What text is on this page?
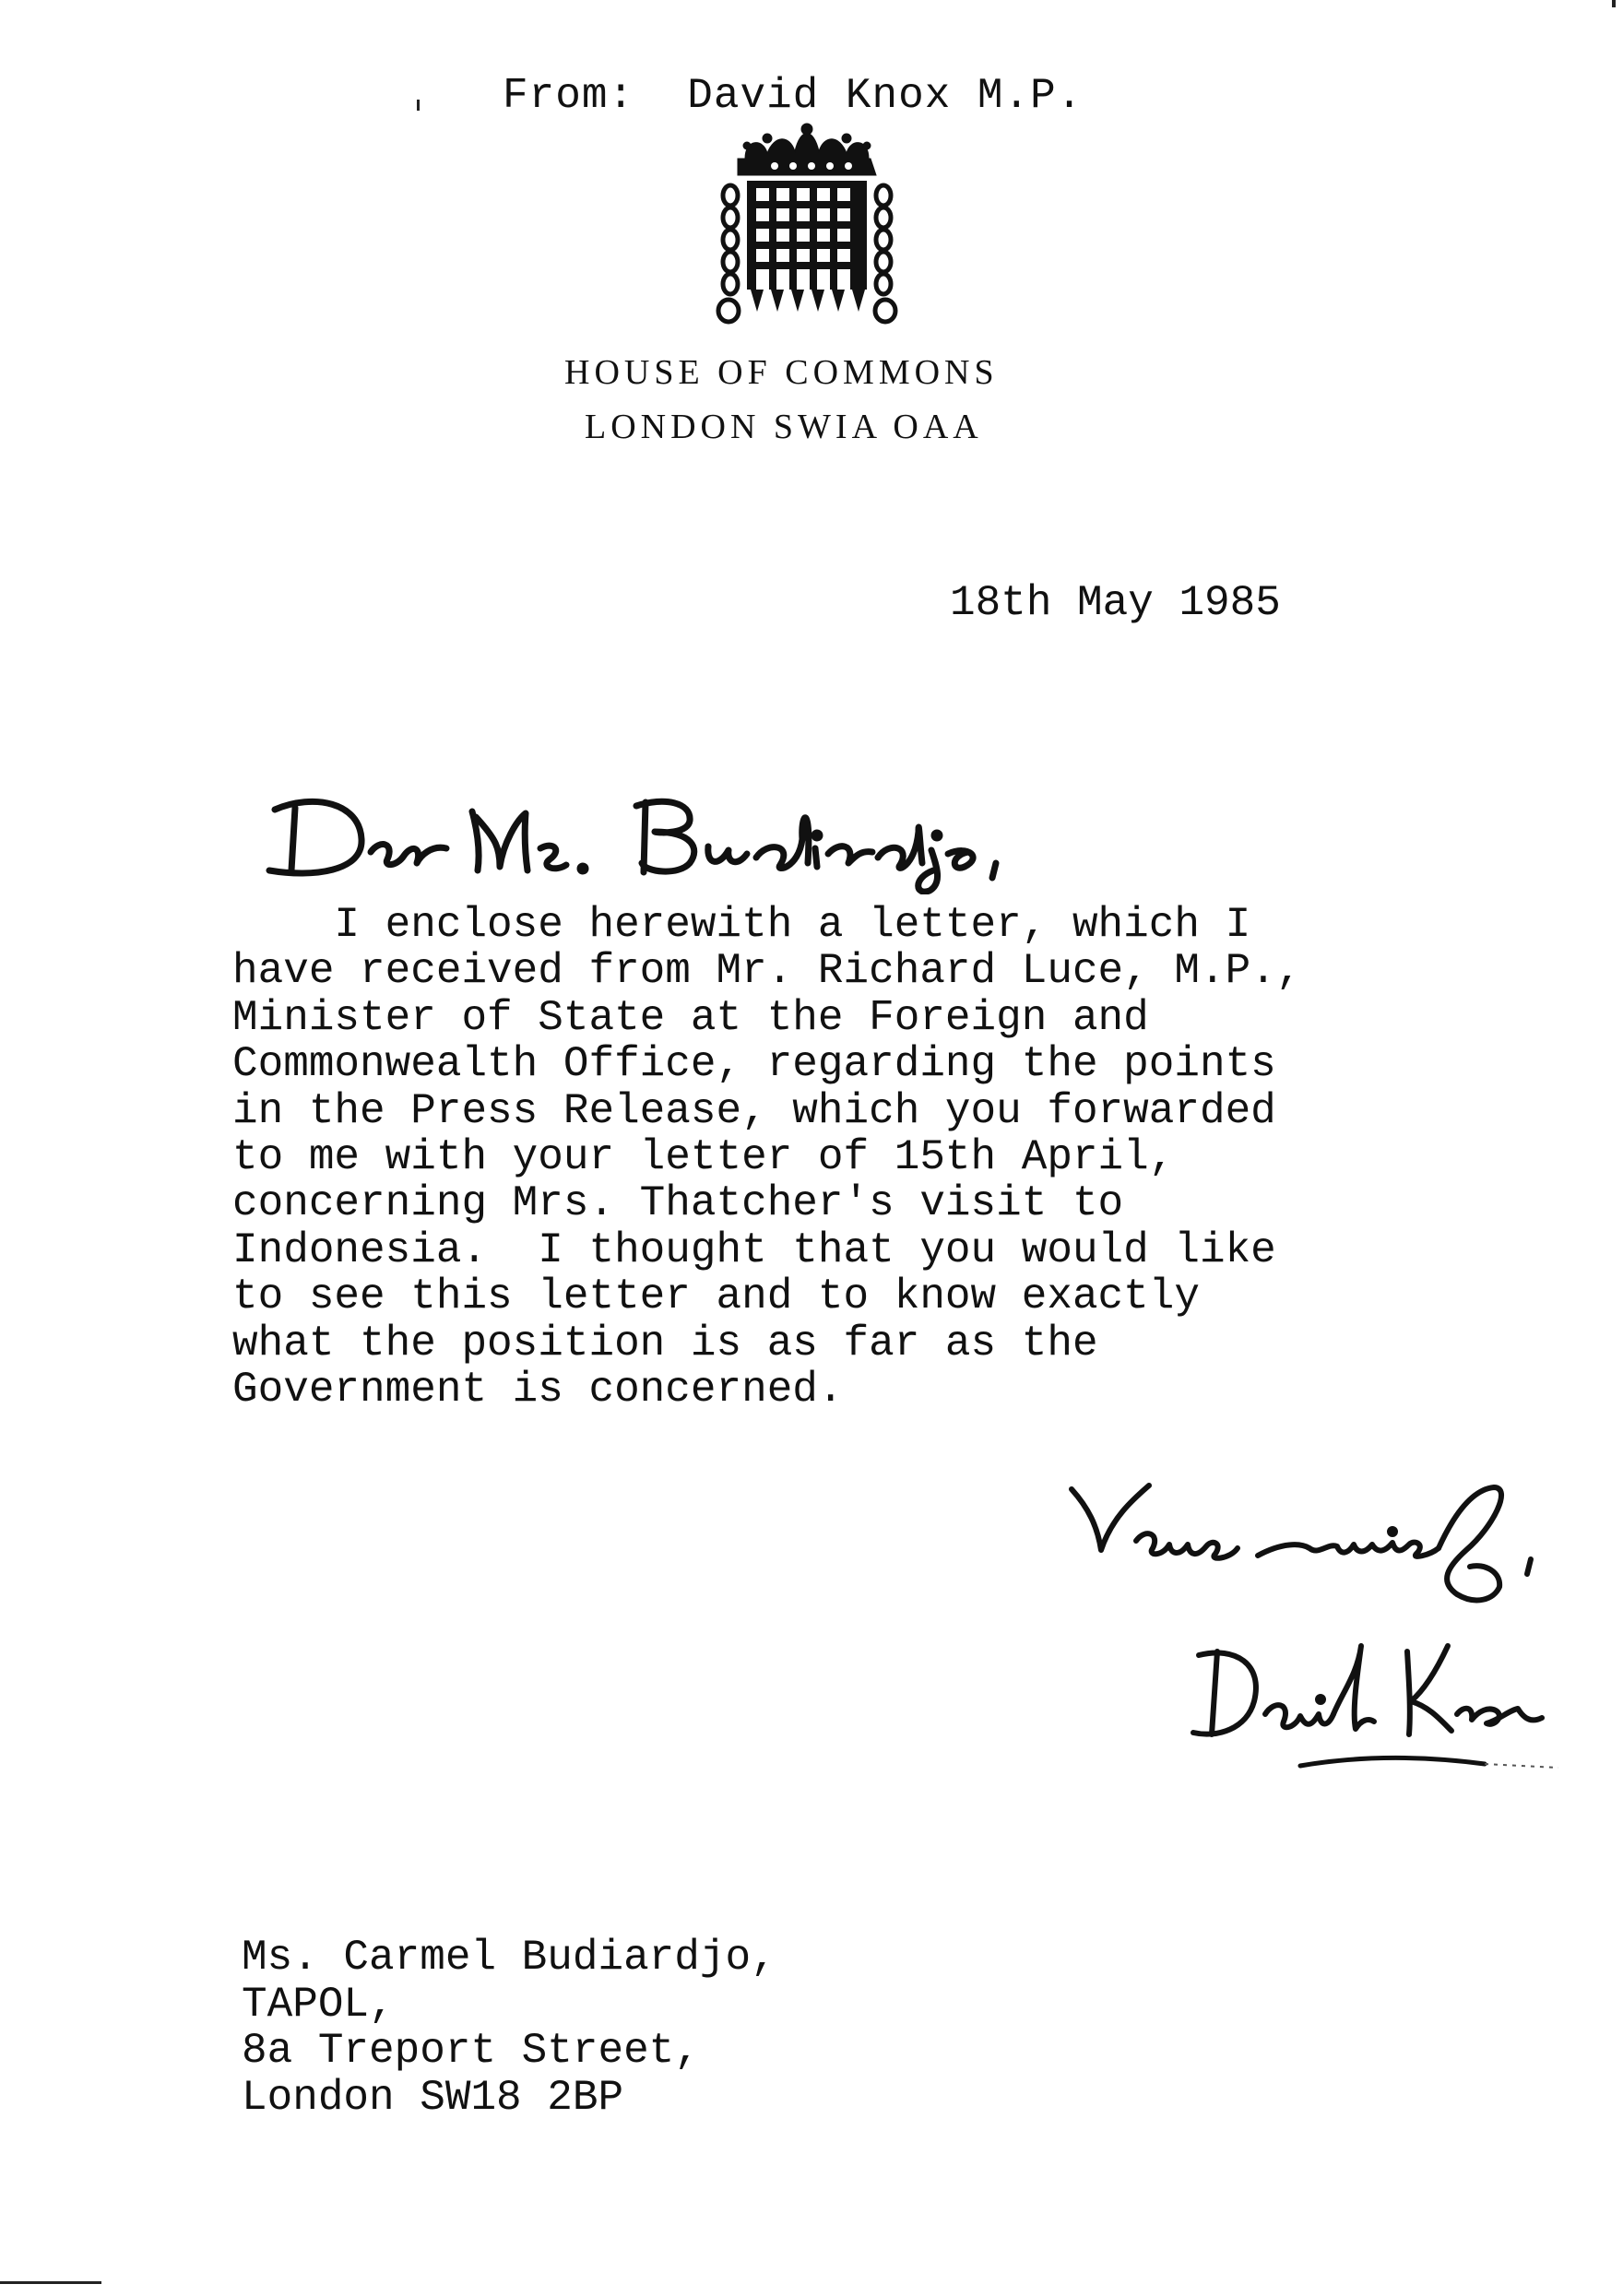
From: David Knox M.P.
HOUSE OF COMMONS
LONDON SWIA OAA
18th May 1985
I enclose herewith a letter, which I
have received from Mr. Richard Luce, M.P.,
Minister of State at the Foreign and
Commonwealth Office, regarding the points
in the Press Release, which you forwarded
to me with your letter of 15th April,
concerning Mrs. Thatcher's visit to
Indonesia.  I thought that you would like
to see this letter and to know exactly
what the position is as far as the
Government is concerned.
Ms. Carmel Budiardjo,
TAPOL,
8a Treport Street,
London SW18 2BP
